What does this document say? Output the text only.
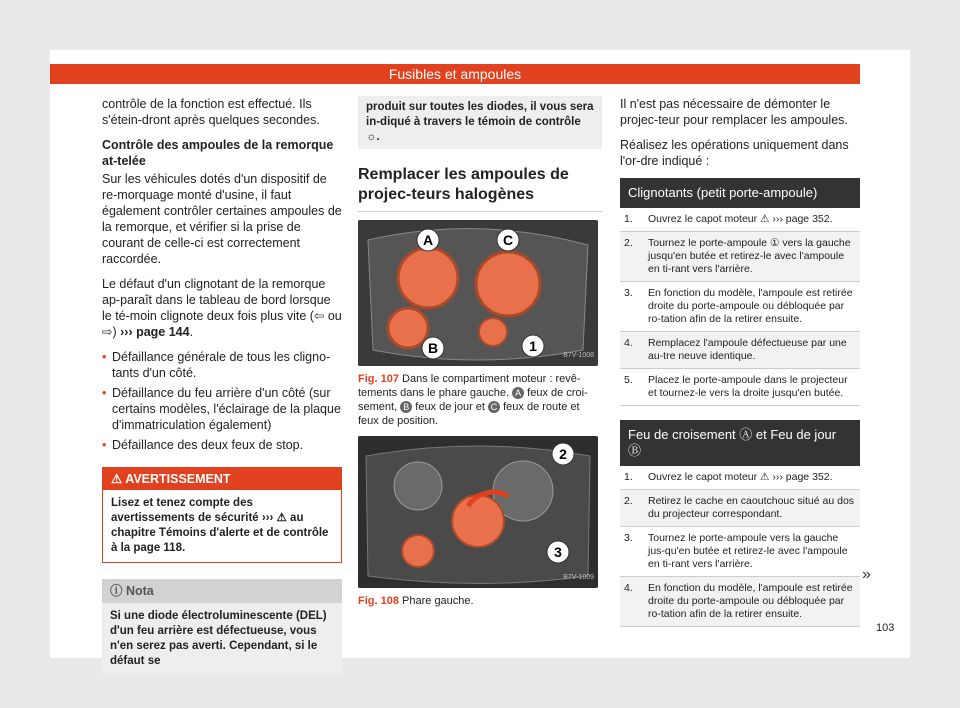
Fusibles et ampoules

contrôle de la fonction est effectué. Ils s'étein-dront après quelques secondes.

Contrôle des ampoules de la remorque at-telée

Sur les véhicules dotés d'un dispositif de re-morquage monté d'usine, il faut également contrôler certaines ampoules de la remorque, et vérifier si la prise de courant de celle-ci est correctement raccordée.

Le défaut d'un clignotant de la remorque ap-paraît dans le tableau de bord lorsque le té-moin clignote deux fois plus vite (⇦ ou ⇨) ››› page 144.

• Défaillance générale de tous les cligno-tants d'un côté.
• Défaillance du feu arrière d'un côté (sur certains modèles, l'éclairage de la plaque d'immatriculation également)
• Défaillance des deux feux de stop.
⚠ AVERTISSEMENT
Lisez et tenez compte des avertissements de sécurité ››› ⚠ au chapitre Témoins d'alerte et de contrôle à la page 118.
ⓘ Nota
Si une diode électroluminescente (DEL) d'un feu arrière est défectueuse, vous n'en serez pas averti. Cependant, si le défaut se
produit sur toutes les diodes, il vous sera in-diqué à travers le témoin de contrôle ☼.
Remplacer les ampoules de projec-teurs halogènes
A
B
C
1
B7V-1008
Fig. 107 Dans le compartiment moteur : revê-tements dans le phare gauche. A feux de croi-sement, B feux de jour et C feux de route et feux de position.
2
3
B7V-1009
Fig. 108 Phare gauche.

Il n'est pas nécessaire de démonter le projec-teur pour remplacer les ampoules.

Réalisez les opérations uniquement dans l'or-dre indiqué :

Clignotants (petit porte-ampoule)
1.	Ouvrez le capot moteur ⚠ ››› page 352.
2.	Tournez le porte-ampoule ① vers la gauche jusqu'en butée et retirez-le avec l'ampoule en ti-rant vers l'arrière.
3.	En fonction du modèle, l'ampoule est retirée droite du porte-ampoule ou débloquée par ro-tation afin de la retirer ensuite.
4.	Remplacez l'ampoule défectueuse par une au-tre neuve identique.
5.	Placez le porte-ampoule dans le projecteur et tournez-le vers la droite jusqu'en butée.
Feu de croisement Ⓐ et Feu de jour Ⓑ
1.	Ouvrez le capot moteur ⚠ ››› page 352.
2.	Retirez le cache en caoutchouc situé au dos du projecteur correspondant.
3.	Tournez le porte-ampoule vers la gauche jus-qu'en butée et retirez-le avec l'ampoule en ti-rant vers l'arrière.
4.	En fonction du modèle, l'ampoule est retirée droite du porte-ampoule ou débloquée par ro-tation afin de la retirer ensuite.
»
103
